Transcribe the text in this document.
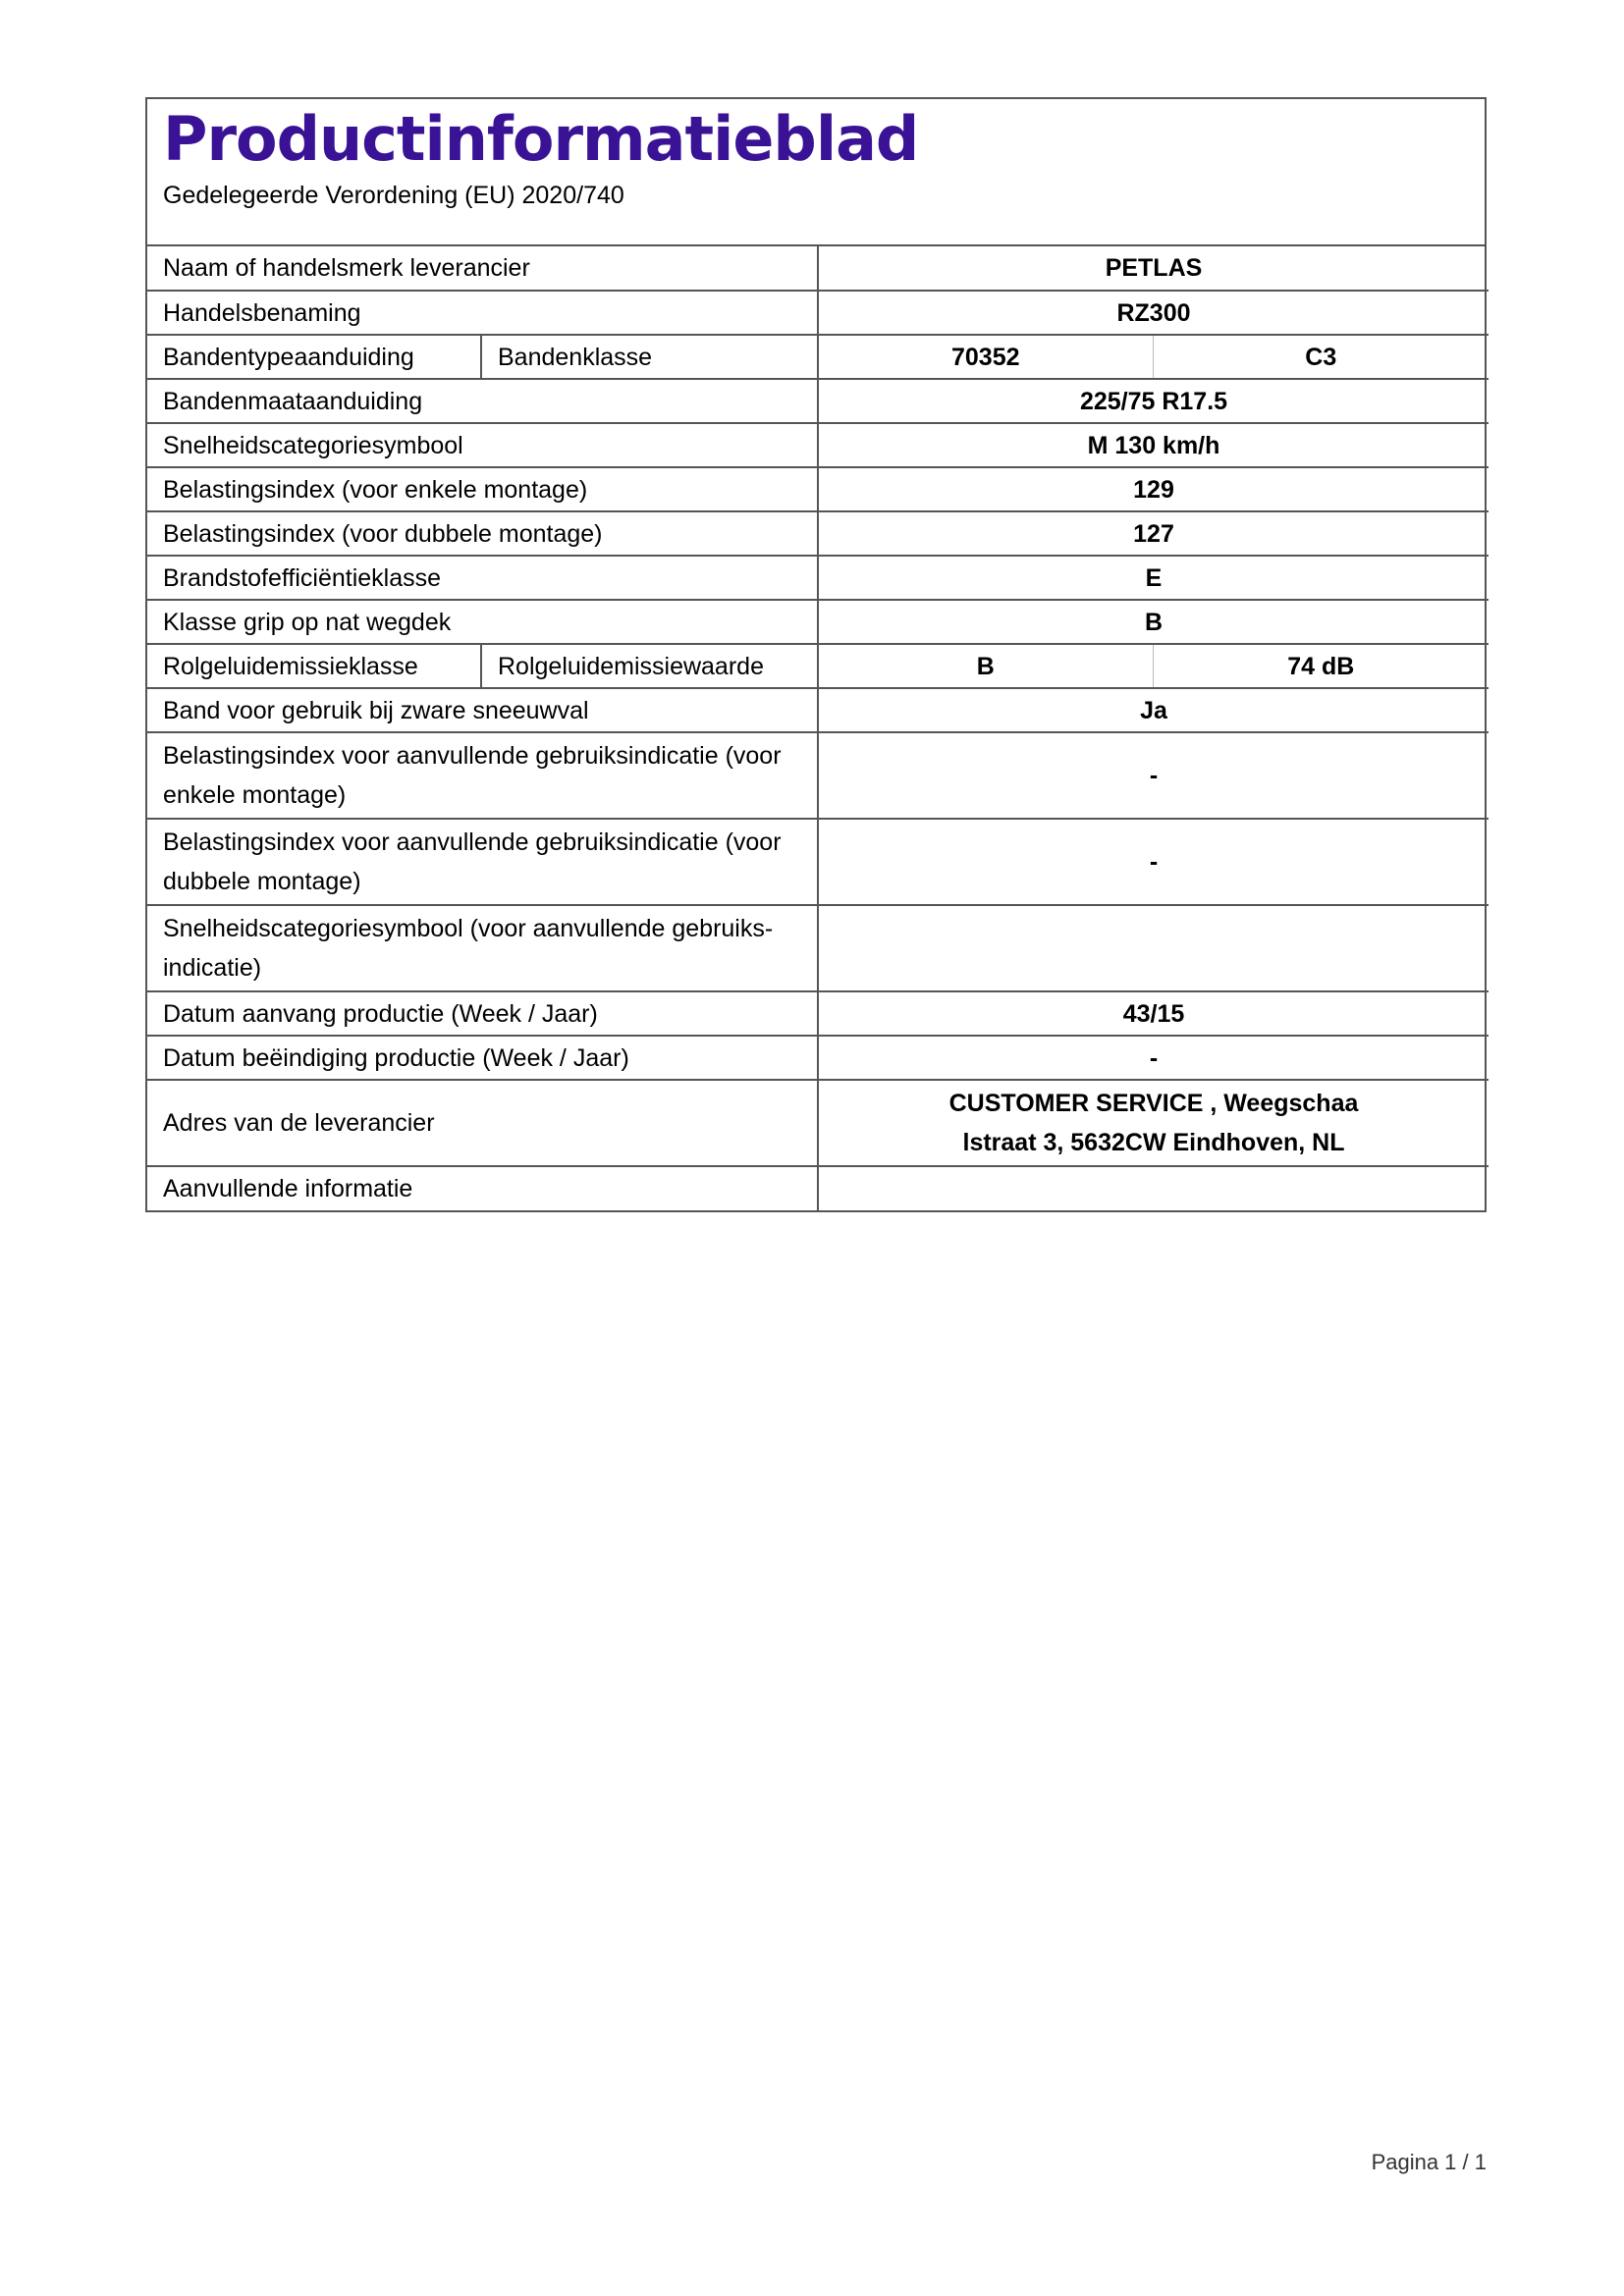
Productinformatieblad
Gedelegeerde Verordening (EU) 2020/740
Naam of handelsmerk leverancier		PETLAS	
Handelsbenaming		RZ300	
Bandentypeaanduiding	Bandenklasse	70352	C3
Bandenmaataanduiding		225/75 R17.5	
Snelheidscategoriesymbool		M 130 km/h	
Belastingsindex (voor enkele montage)		129	
Belastingsindex (voor dubbele montage)		127	
Brandstofefficiëntieklasse		E	
Klasse grip op nat wegdek		B	
Rolgeluidemissieklasse	Rolgeluidemissiewaarde	B	74 dB
Band voor gebruik bij zware sneeuwval		Ja	
Belastingsindex voor aanvullende gebruiksindicatie (voor enkele montage)		-	
Belastingsindex voor aanvullende gebruiksindicatie (voor dubbele montage)		-	
Snelheidscategoriesymbool (voor aanvullende gebruiks-indicatie)			
Datum aanvang productie (Week / Jaar)		43/15	
Datum beëindiging productie (Week / Jaar)		-	
Adres van de leverancier		CUSTOMER SERVICE , Weegschaa
lstraat 3, 5632CW Eindhoven, NL	

Aanvullende informatie			
Pagina 1 / 1
